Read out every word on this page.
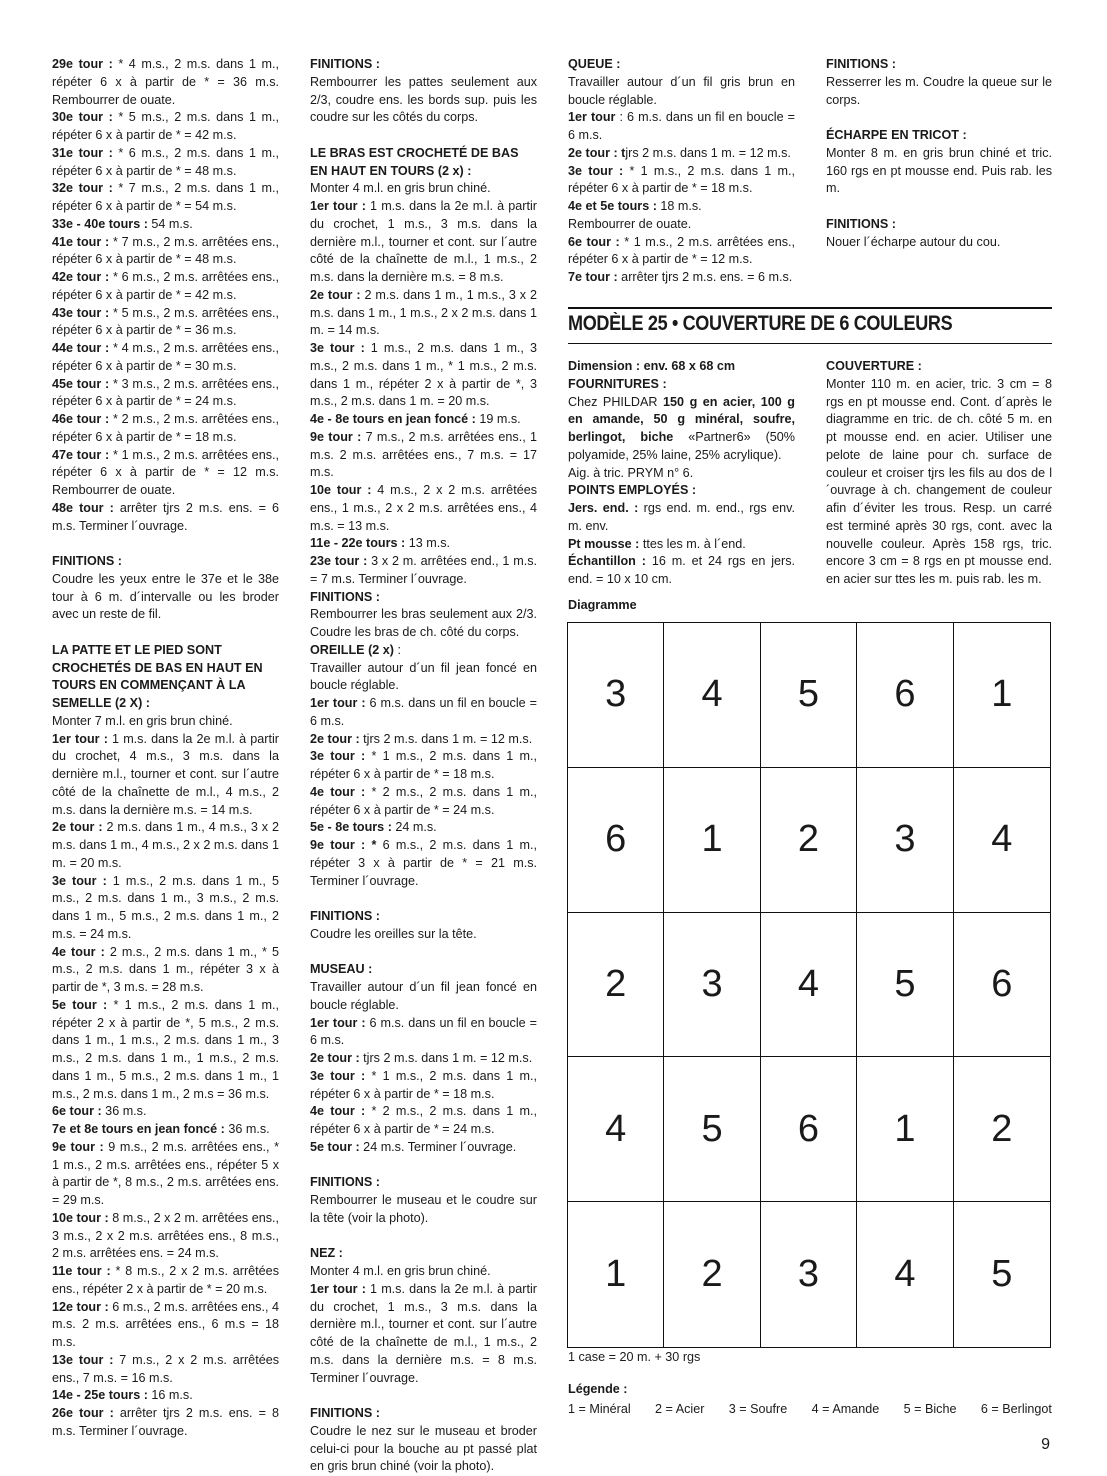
29e tour : * 4 m.s., 2 m.s. dans 1 m., répéter 6 x à partir de * = 36 m.s. Rembourrer de ouate.

30e tour : * 5 m.s., 2 m.s. dans 1 m., répéter 6 x à partir de * = 42 m.s.

31e tour : * 6 m.s., 2 m.s. dans 1 m., répéter 6 x à partir de * = 48 m.s.

32e tour : * 7 m.s., 2 m.s. dans 1 m., répéter 6 x à partir de * = 54 m.s.

33e - 40e tours : 54 m.s.

41e tour : * 7 m.s., 2 m.s. arrêtées ens., répéter 6 x à partir de * = 48 m.s.

42e tour : * 6 m.s., 2 m.s. arrêtées ens., répéter 6 x à partir de * = 42 m.s.

43e tour : * 5 m.s., 2 m.s. arrêtées ens., répéter 6 x à partir de * = 36 m.s.

44e tour : * 4 m.s., 2 m.s. arrêtées ens., répéter 6 x à partir de * = 30 m.s.

45e tour : * 3 m.s., 2 m.s. arrêtées ens., répéter 6 x à partir de * = 24 m.s.

46e tour : * 2 m.s., 2 m.s. arrêtées ens., répéter 6 x à partir de * = 18 m.s.

47e tour : * 1 m.s., 2 m.s. arrêtées ens., répéter 6 x à partir de * = 12 m.s. Rembourrer de ouate.

48e tour : arrêter tjrs 2 m.s. ens. = 6 m.s. Terminer l´ouvrage.

FINITIONS :

Coudre les yeux entre le 37e et le 38e tour à 6 m. d´intervalle ou les broder avec un reste de fil.

LA PATTE ET LE PIED SONT CROCHETÉS DE BAS EN HAUT EN TOURS EN COMMENÇANT À LA SEMELLE (2 X) :

Monter 7 m.l. en gris brun chiné.

1er tour : 1 m.s. dans la 2e m.l. à partir du crochet, 4 m.s., 3 m.s. dans la dernière m.l., tourner et cont. sur l´autre côté de la chaînette de m.l., 4 m.s., 2 m.s. dans la dernière m.s. = 14 m.s.

2e tour : 2 m.s. dans 1 m., 4 m.s., 3 x 2 m.s. dans 1 m., 4 m.s., 2 x 2 m.s. dans 1 m. = 20 m.s.

3e tour : 1 m.s., 2 m.s. dans 1 m., 5 m.s., 2 m.s. dans 1 m., 3 m.s., 2 m.s. dans 1 m., 5 m.s., 2 m.s. dans 1 m., 2 m.s. = 24 m.s.

4e tour : 2 m.s., 2 m.s. dans 1 m., * 5 m.s., 2 m.s. dans 1 m., répéter 3 x à partir de *, 3 m.s. = 28 m.s.

5e tour : * 1 m.s., 2 m.s. dans 1 m., répéter 2 x à partir de *, 5 m.s., 2 m.s. dans 1 m., 1 m.s., 2 m.s. dans 1 m., 3 m.s., 2 m.s. dans 1 m., 1 m.s., 2 m.s. dans 1 m., 5 m.s., 2 m.s. dans 1 m., 1 m.s., 2 m.s. dans 1 m., 2 m.s = 36 m.s.

6e tour : 36 m.s.

7e et 8e tours en jean foncé : 36 m.s.

9e tour : 9 m.s., 2 m.s. arrêtées ens., * 1 m.s., 2 m.s. arrêtées ens., répéter 5 x à partir de *, 8 m.s., 2 m.s. arrêtées ens. = 29 m.s.

10e tour : 8 m.s., 2 x 2 m. arrêtées ens., 3 m.s., 2 x 2 m.s. arrêtées ens., 8 m.s., 2 m.s. arrêtées ens. = 24 m.s.

11e tour : * 8 m.s., 2 x 2 m.s. arrêtées ens., répéter 2 x à partir de * = 20 m.s.

12e tour : 6 m.s., 2 m.s. arrêtées ens., 4 m.s. 2 m.s. arrêtées ens., 6 m.s = 18 m.s.

13e tour : 7 m.s., 2 x 2 m.s. arrêtées ens., 7 m.s. = 16 m.s.

14e - 25e tours : 16 m.s.

26e tour : arrêter tjrs 2 m.s. ens. = 8 m.s. Terminer l´ouvrage.

FINITIONS :

Rembourrer les pattes seulement aux 2/3, coudre ens. les bords sup. puis les coudre sur les côtés du corps.

LE BRAS EST CROCHETÉ DE BAS EN HAUT EN TOURS (2 x) :

Monter 4 m.l. en gris brun chiné.

1er tour : 1 m.s. dans la 2e m.l. à partir du crochet, 1 m.s., 3 m.s. dans la dernière m.l., tourner et cont. sur l´autre côté de la chaînette de m.l., 1 m.s., 2 m.s. dans la dernière m.s. = 8 m.s.

2e tour : 2 m.s. dans 1 m., 1 m.s., 3 x 2 m.s. dans 1 m., 1 m.s., 2 x 2 m.s. dans 1 m. = 14 m.s.

3e tour : 1 m.s., 2 m.s. dans 1 m., 3 m.s., 2 m.s. dans 1 m., * 1 m.s., 2 m.s. dans 1 m., répéter 2 x à partir de *, 3 m.s., 2 m.s. dans 1 m. = 20 m.s.

4e - 8e tours en jean foncé : 19 m.s.

9e tour : 7 m.s., 2 m.s. arrêtées ens., 1 m.s. 2 m.s. arrêtées ens., 7 m.s. = 17 m.s.

10e tour : 4 m.s., 2 x 2 m.s. arrêtées ens., 1 m.s., 2 x 2 m.s. arrêtées ens., 4 m.s. = 13 m.s.

11e - 22e tours : 13 m.s.

23e tour : 3 x 2 m. arrêtées end., 1 m.s. = 7 m.s. Terminer l´ouvrage.

FINITIONS :

Rembourrer les bras seulement aux 2/3. Coudre les bras de ch. côté du corps.

OREILLE (2 x) :

Travailler autour d´un fil jean foncé en boucle réglable.

1er tour : 6 m.s. dans un fil en boucle = 6 m.s.

2e tour : tjrs 2 m.s. dans 1 m. = 12 m.s.

3e tour : * 1 m.s., 2 m.s. dans 1 m., répéter 6 x à partir de * = 18 m.s.

4e tour : * 2 m.s., 2 m.s. dans 1 m., répéter 6 x à partir de * = 24 m.s.

5e - 8e tours : 24 m.s.

9e tour : * 6 m.s., 2 m.s. dans 1 m., répéter 3 x à partir de * = 21 m.s. Terminer l´ouvrage.

FINITIONS :

Coudre les oreilles sur la tête.

MUSEAU :

Travailler autour d´un fil jean foncé en boucle réglable.

1er tour : 6 m.s. dans un fil en boucle = 6 m.s.

2e tour : tjrs 2 m.s. dans 1 m. = 12 m.s.

3e tour : * 1 m.s., 2 m.s. dans 1 m., répéter 6 x à partir de * = 18 m.s.

4e tour : * 2 m.s., 2 m.s. dans 1 m., répéter 6 x à partir de * = 24 m.s.

5e tour : 24 m.s. Terminer l´ouvrage.

FINITIONS :

Rembourrer le museau et le coudre sur la tête (voir la photo).

NEZ :

Monter 4 m.l. en gris brun chiné.

1er tour : 1 m.s. dans la 2e m.l. à partir du crochet, 1 m.s., 3 m.s. dans la dernière m.l., tourner et cont. sur l´autre côté de la chaînette de m.l., 1 m.s., 2 m.s. dans la dernière m.s. = 8 m.s. Terminer l´ouvrage.

FINITIONS :

Coudre le nez sur le museau et broder celui-ci pour la bouche au pt passé plat en gris brun chiné (voir la photo).

QUEUE :

Travailler autour d´un fil gris brun en boucle réglable.

1er tour : 6 m.s. dans un fil en boucle = 6 m.s.

2e tour : tjrs 2 m.s. dans 1 m. = 12 m.s.

3e tour : * 1 m.s., 2 m.s. dans 1 m., répéter 6 x à partir de * = 18 m.s.

4e et 5e tours : 18 m.s.

Rembourrer de ouate.

6e tour : * 1 m.s., 2 m.s. arrêtées ens., répéter 6 x à partir de * = 12 m.s.

7e tour : arrêter tjrs 2 m.s. ens. = 6 m.s.

FINITIONS :

Resserrer les m. Coudre la queue sur le corps.

ÉCHARPE EN TRICOT :

Monter 8 m. en gris brun chiné et tric. 160 rgs en pt mousse end. Puis rab. les m.

FINITIONS :

Nouer l´écharpe autour du cou.

MODÈLE 25 • COUVERTURE DE 6 COULEURS

Dimension : env. 68 x 68 cm

FOURNITURES :

Chez PHILDAR 150 g en acier, 100 g en amande, 50 g minéral, soufre, berlingot, biche «Partner6» (50% polyamide, 25% laine, 25% acrylique).

Aig. à tric. PRYM n° 6.

POINTS EMPLOYÉS :

Jers. end. : rgs end. m. end., rgs env. m. env.

Pt mousse : ttes les m. à l´end.

Échantillon : 16 m. et 24 rgs en jers. end. = 10 x 10 cm.

COUVERTURE :

Monter 110 m. en acier, tric. 3 cm = 8 rgs en pt mousse end. Cont. d´après le diagramme en tric. de ch. côté 5 m. en pt mousse end. en acier. Utiliser une pelote de laine pour ch. surface de couleur et croiser tjrs les fils au dos de l´ouvrage à ch. changement de couleur afin d´éviter les trous. Resp. un carré est terminé après 30 rgs, cont. avec la nouvelle couleur. Après 158 rgs, tric. encore 3 cm = 8 rgs en pt mousse end. en acier sur ttes les m. puis rab. les m.

Diagramme
3	4	5	6	1
6	1	2	3	4
2	3	4	5	6
4	5	6	1	2
1	2	3	4	5
1 case = 20 m. + 30 rgs
Légende :
1 = Minéral 2 = Acier 3 = Soufre 4 = Amande 5 = Biche 6 = Berlingot
9
